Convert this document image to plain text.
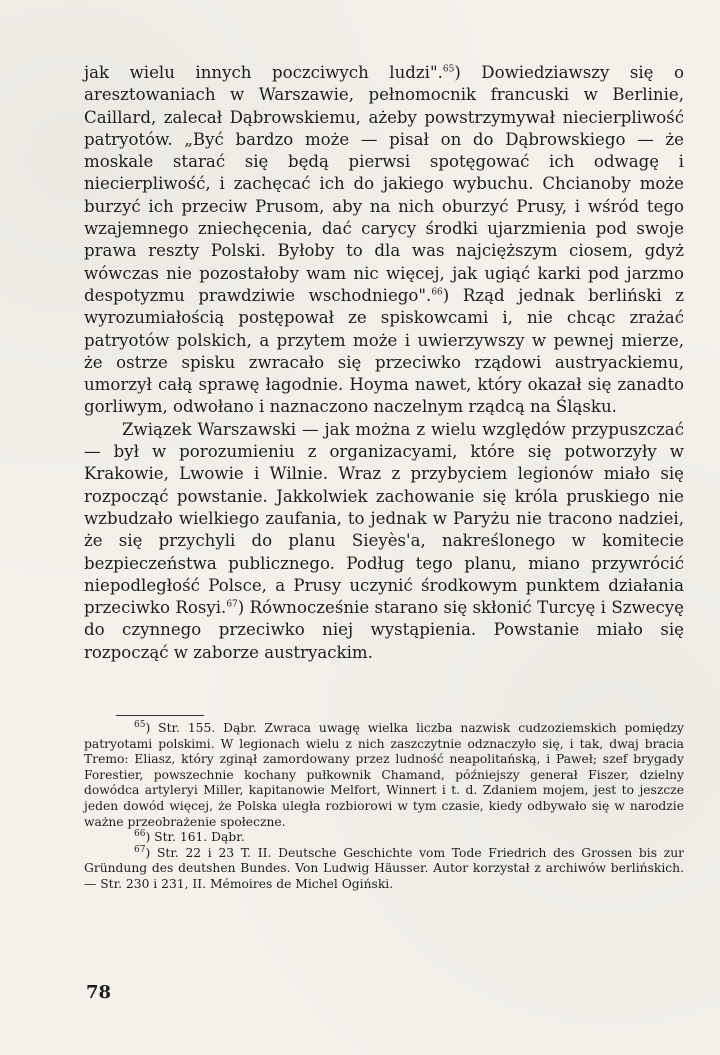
jak wielu innych poczciwych ludzi".$^{65}$) Dowiedziawszy się o aresztowaniach w Warszawie, pełnomocnik francuski w Berlinie, Caillard, zalecał Dąbrowskiemu, ażeby powstrzymywał niecierpliwość patryotów. „Być bardzo może — pisał on do Dąbrowskiego — że moskale starać się będą pierwsi spotęgować ich odwagę i niecierpliwość, i zachęcać ich do jakiego wybuchu. Chcianoby może burzyć ich przeciw Prusom, aby na nich oburzyć Prusy, i wśród tego wzajemnego zniechęcenia, dać carycy środki ujarzmienia pod swoje prawa reszty Polski. Byłoby to dla was najcięższym ciosem, gdyż wówczas nie pozostałoby wam nic więcej, jak ugiąć karki pod jarzmo despotyzmu prawdziwie wschodniego".$^{66}$) Rząd jednak berliński z wyrozumiałością postępował ze spiskowcami i, nie chcąc zrażać patryotów polskich, a przytem może i uwierzywszy w pewnej mierze, że ostrze spisku zwracało się przeciwko rządowi austryackiemu, umorzył całą sprawę łagodnie. Hoyma nawet, który okazał się zanadto gorliwym, odwołano i naznaczono naczelnym rządcą na Śląsku.

Związek Warszawski — jak można z wielu względów przypuszczać — był w porozumieniu z organizacyami, które się potworzyły w Krakowie, Lwowie i Wilnie. Wraz z przybyciem legionów miało się rozpocząć powstanie. Jakkolwiek zachowanie się króla pruskiego nie wzbudzało wielkiego zaufania, to jednak w Paryżu nie tracono nadziei, że się przychyli do planu Sieyès'a, nakreślonego w komitecie bezpieczeństwa publicznego. Podług tego planu, miano przywrócić niepodległość Polsce, a Prusy uczynić środkowym punktem działania przeciwko Rosyi.$^{67}$) Równocześnie starano się skłonić Turcyę i Szwecyę do czynnego przeciwko niej wystąpienia. Powstanie miało się rozpocząć w zaborze austryackim.

$^{65}$) Str. 155. Dąbr. Zwraca uwagę wielka liczba nazwisk cudzoziemskich pomiędzy patryotami polskimi. W legionach wielu z nich zaszczytnie odznaczyło się, i tak, dwaj bracia Tremo: Eliasz, który zginął zamordowany przez ludność neapolitańską, i Paweł; szef brygady Forestier, powszechnie kochany pułkownik Chamand, późniejszy generał Fiszer, dzielny dowódca artyleryi Miller, kapitanowie Melfort, Winnert i t. d. Zdaniem mojem, jest to jeszcze jeden dowód więcej, że Polska uległa rozbiorowi w tym czasie, kiedy odbywało się w narodzie ważne przeobrażenie społeczne.

$^{66}$) Str. 161. Dąbr.

$^{67}$) Str. 22 i 23 T. II. Deutsche Geschichte vom Tode Friedrich des Grossen bis zur Gründung des deutshen Bundes. Von Ludwig Häusser. Autor korzystał z archiwów berlińskich. — Str. 230 i 231, II. Mémoires de Michel Ogiński.

78
